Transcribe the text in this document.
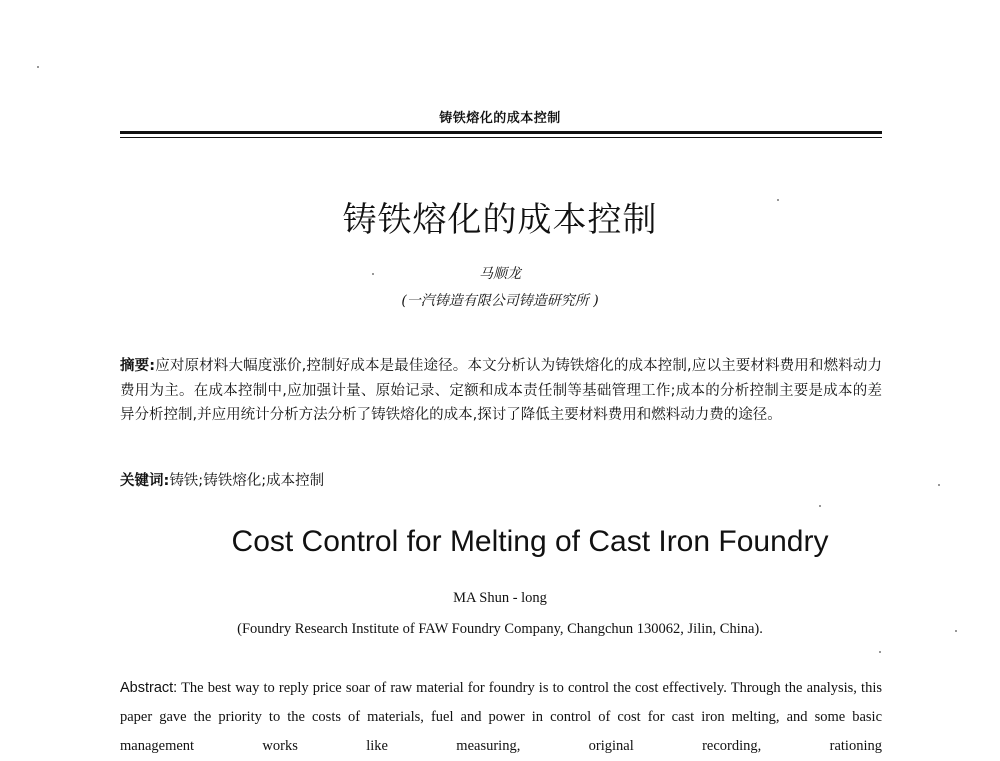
铸铁熔化的成本控制
铸铁熔化的成本控制
马顺龙
(一汽铸造有限公司铸造研究所 )
摘要:应对原材料大幅度涨价,控制好成本是最佳途径。本文分析认为铸铁熔化的成本控制,应以主要材料费用和燃料动力费用为主。在成本控制中,应加强计量、原始记录、定额和成本责任制等基础管理工作;成本的分析控制主要是成本的差异分析控制,并应用统计分析方法分析了铸铁熔化的成本,探讨了降低主要材料费用和燃料动力费的途径。
关键词:铸铁;铸铁熔化;成本控制
Cost Control for Melting of Cast Iron Foundry
MA Shun - long
(Foundry Research Institute of FAW Foundry Company, Changchun 130062, Jilin, China).
Abstract: The best way to reply price soar of raw material for foundry is to control the cost effectively. Through the analysis, this paper gave the priority to the costs of materials, fuel and power in control of cost for cast iron melting, and some basic management works like measuring, original recording, rationing
